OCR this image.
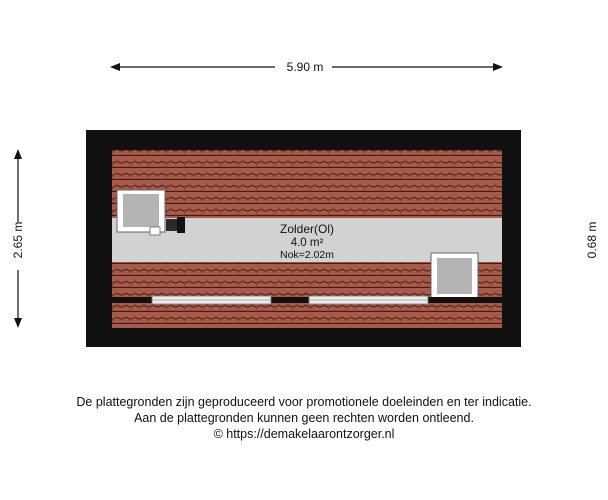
5.90 m
2.65 m	0.68 m
Zolder(Ol)
4.0 m²
Nok=2.02m
De plattegronden zijn geproduceerd voor promotionele doeleinden en ter indicatie.
Aan de plattegronden kunnen geen rechten worden ontleend.
© https://demakelaarontzorger.nl
